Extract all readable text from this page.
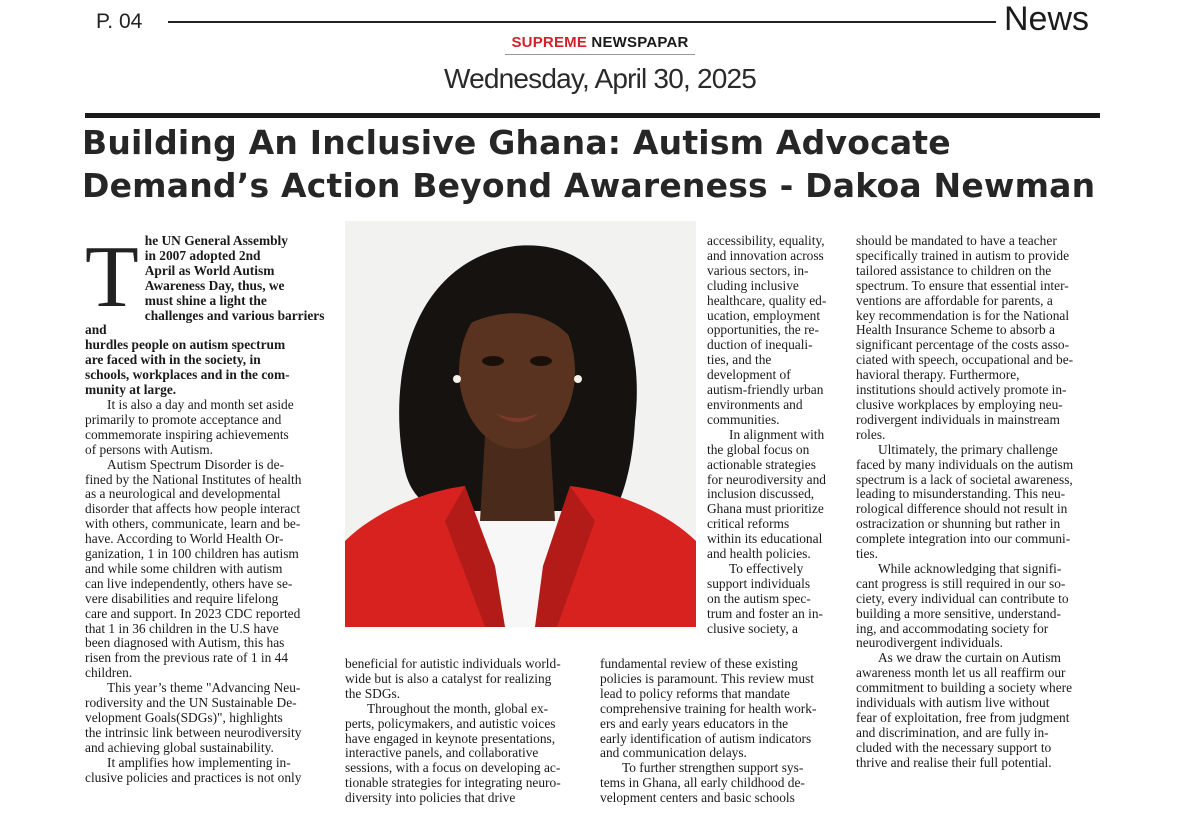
P. 04	News
SUPREME NEWSPAPAR
Wednesday, April 30, 2025
Building An Inclusive Ghana: Autism Advocate
Demand’s Action Beyond Awareness - Dakoa Newman
T he UN General Assembly
in 2007 adopted 2nd
April as World Autism
Awareness Day, thus, we
must shine a light the
challenges and various barriers and
hurdles people on autism spectrum
are faced with in the society, in
schools, workplaces and in the com-
munity at large.

It is also a day and month set aside
primarily to promote acceptance and
commemorate inspiring achievements
of persons with Autism.

Autism Spectrum Disorder is de-
fined by the National Institutes of health
as a neurological and developmental
disorder that affects how people interact
with others, communicate, learn and be-
have. According to World Health Or-
ganization, 1 in 100 children has autism
and while some children with autism
can live independently, others have se-
vere disabilities and require lifelong
care and support. In 2023 CDC reported
that 1 in 36 children in the U.S have
been diagnosed with Autism, this has
risen from the previous rate of 1 in 44
children.

This year’s theme "Advancing Neu-
rodiversity and the UN Sustainable De-
velopment Goals(SDGs)", highlights
the intrinsic link between neurodiversity
and achieving global sustainability.

It amplifies how implementing in-
clusive policies and practices is not only

beneficial for autistic individuals world-
wide but is also a catalyst for realizing
the SDGs.

Throughout the month, global ex-
perts, policymakers, and autistic voices
have engaged in keynote presentations,
interactive panels, and collaborative
sessions, with a focus on developing ac-
tionable strategies for integrating neuro-
diversity into policies that drive

accessibility, equality,
and innovation across
various sectors, in-
cluding inclusive
healthcare, quality ed-
ucation, employment
opportunities, the re-
duction of inequali-
ties, and the
development of
autism-friendly urban
environments and
communities.

In alignment with
the global focus on
actionable strategies
for neurodiversity and
inclusion discussed,
Ghana must prioritize
critical reforms
within its educational
and health policies.

To effectively
support individuals
on the autism spec-
trum and foster an in-
clusive society, a

fundamental review of these existing
policies is paramount. This review must
lead to policy reforms that mandate
comprehensive training for health work-
ers and early years educators in the
early identification of autism indicators
and communication delays.

To further strengthen support sys-
tems in Ghana, all early childhood de-
velopment centers and basic schools

should be mandated to have a teacher
specifically trained in autism to provide
tailored assistance to children on the
spectrum. To ensure that essential inter-
ventions are affordable for parents, a
key recommendation is for the National
Health Insurance Scheme to absorb a
significant percentage of the costs asso-
ciated with speech, occupational and be-
havioral therapy. Furthermore,
institutions should actively promote in-
clusive workplaces by employing neu-
rodivergent individuals in mainstream
roles.

Ultimately, the primary challenge
faced by many individuals on the autism
spectrum is a lack of societal awareness,
leading to misunderstanding. This neu-
rological difference should not result in
ostracization or shunning but rather in
complete integration into our communi-
ties.

While acknowledging that signifi-
cant progress is still required in our so-
ciety, every individual can contribute to
building a more sensitive, understand-
ing, and accommodating society for
neurodivergent individuals.

As we draw the curtain on Autism
awareness month let us all reaffirm our
commitment to building a society where
individuals with autism live without
fear of exploitation, free from judgment
and discrimination, and are fully in-
cluded with the necessary support to
thrive and realise their full potential.
